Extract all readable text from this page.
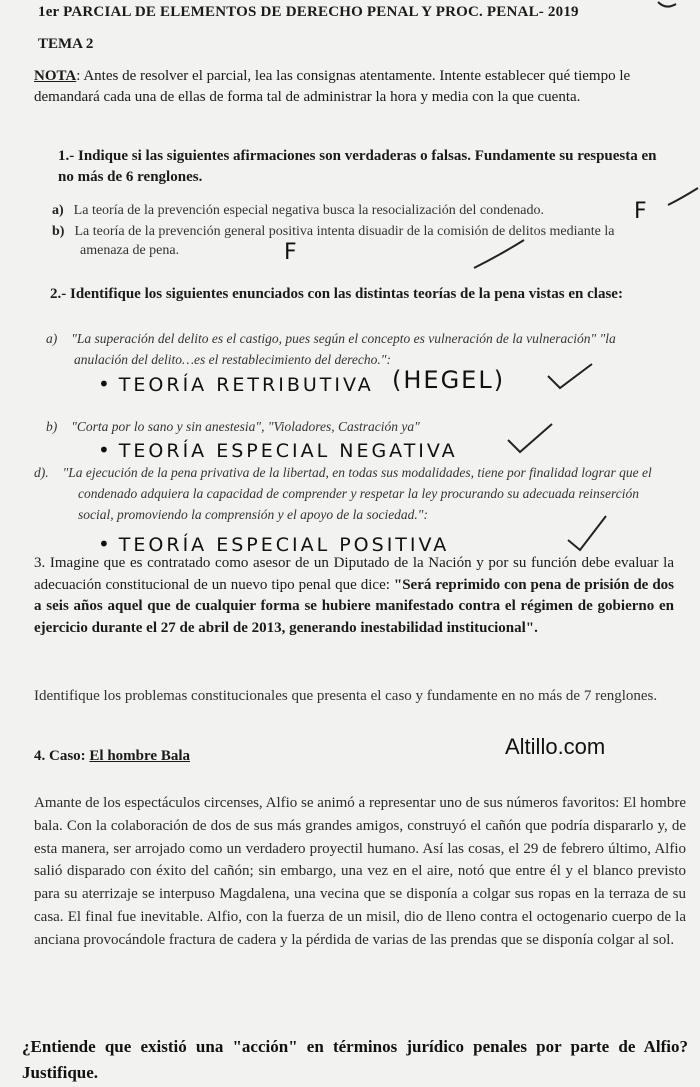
1er PARCIAL DE ELEMENTOS DE DERECHO PENAL Y PROC. PENAL- 2019
TEMA 2
NOTA: Antes de resolver el parcial, lea las consignas atentamente. Intente establecer qué tiempo le demandará cada una de ellas de forma tal de administrar la hora y media con la que cuenta.
1.- Indique si las siguientes afirmaciones son verdaderas o falsas. Fundamente su respuesta en no más de 6 renglones.
a) La teoría de la prevención especial negativa busca la resocialización del condenado.	F
b) La teoría de la prevención general positiva intenta disuadir de la comisión de delitos mediante la amenaza de pena.	F
2.- Identifique los siguientes enunciados con las distintas teorías de la pena vistas en clase:
a) "La superación del delito es el castigo, pues según el concepto es vulneración de la vulneración" "la anulación del delito…es el restablecimiento del derecho.":
• TEORÍA RETRIBUTIVA (HEGEL)
b) "Corta por lo sano y sin anestesia", "Violadores, Castración ya"
• TEORÍA ESPECIAL NEGATIVA
d). "La ejecución de la pena privativa de la libertad, en todas sus modalidades, tiene por finalidad lograr que el condenado adquiera la capacidad de comprender y respetar la ley procurando su adecuada reinserción social, promoviendo la comprensión y el apoyo de la sociedad.":
• TEORÍA ESPECIAL POSITIVA
3. Imagine que es contratado como asesor de un Diputado de la Nación y por su función debe evaluar la adecuación constitucional de un nuevo tipo penal que dice: "Será reprimido con pena de prisión de dos a seis años aquel que de cualquier forma se hubiere manifestado contra el régimen de gobierno en ejercicio durante el 27 de abril de 2013, generando inestabilidad institucional".
Identifique los problemas constitucionales que presenta el caso y fundamente en no más de 7 renglones.
4. Caso: El hombre Bala	Altillo.com
Amante de los espectáculos circenses, Alfio se animó a representar uno de sus números favoritos: El hombre bala. Con la colaboración de dos de sus más grandes amigos, construyó el cañón que podría dispararlo y, de esta manera, ser arrojado como un verdadero proyectil humano. Así las cosas, el 29 de febrero último, Alfio salió disparado con éxito del cañón; sin embargo, una vez en el aire, notó que entre él y el blanco previsto para su aterrizaje se interpuso Magdalena, una vecina que se disponía a colgar sus ropas en la terraza de su casa. El final fue inevitable. Alfio, con la fuerza de un misil, dio de lleno contra el octogenario cuerpo de la anciana provocándole fractura de cadera y la pérdida de varias de las prendas que se disponía colgar al sol.
¿Entiende que existió una "acción" en términos jurídico penales por parte de Alfio? Justifique.
